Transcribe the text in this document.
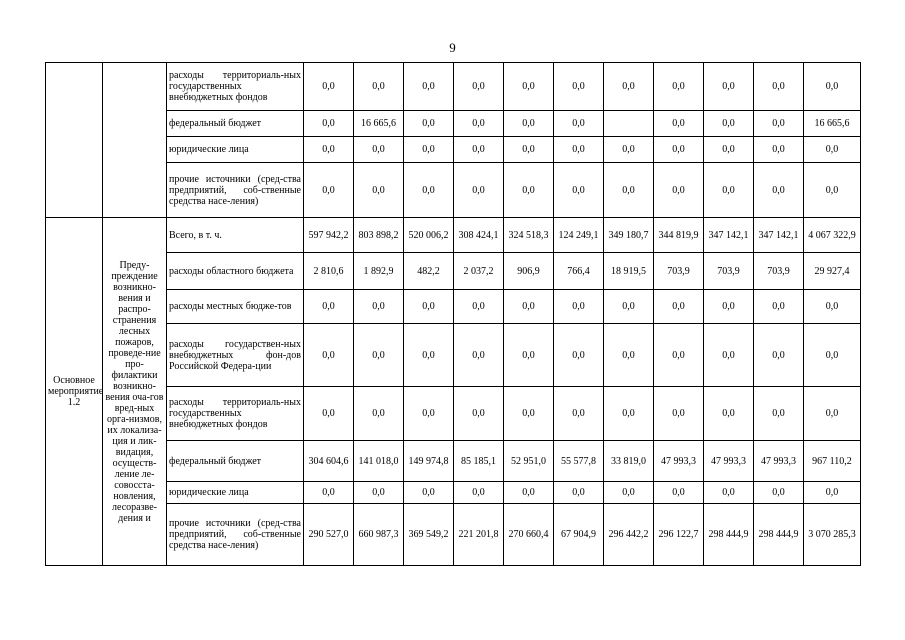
9
		расходы территориаль-ных государственных внебюджетных фондов	0,0	0,0	0,0	0,0	0,0	0,0	0,0	0,0	0,0	0,0	0,0
		федеральный бюджет	0,0	16 665,6	0,0	0,0	0,0	0,0		0,0	0,0	0,0	16 665,6
		юридические лица	0,0	0,0	0,0	0,0	0,0	0,0	0,0	0,0	0,0	0,0	0,0
		прочие источники (сред-ства предприятий, соб-ственные средства насе-ления)	0,0	0,0	0,0	0,0	0,0	0,0	0,0	0,0	0,0	0,0	0,0
Основное мероприятие 1.2	Преду-преждение возникно-вения и распро-странения лесных пожаров, проведе-ние про-филактики возникно-вения оча-гов вред-ных орга-низмов, их локализа-ция и лик-видация, осуществ-ление ле-совосста-новления, лесоразве-дения и	Всего, в т. ч.	597 942,2	803 898,2	520 006,2	308 424,1	324 518,3	124 249,1	349 180,7	344 819,9	347 142,1	347 142,1	4 067 322,9
		расходы областного бюджета	2 810,6	1 892,9	482,2	2 037,2	906,9	766,4	18 919,5	703,9	703,9	703,9	29 927,4
		расходы местных бюдже-тов	0,0	0,0	0,0	0,0	0,0	0,0	0,0	0,0	0,0	0,0	0,0
		расходы государствен-ных внебюджетных фон-дов Российской Федера-ции	0,0	0,0	0,0	0,0	0,0	0,0	0,0	0,0	0,0	0,0	0,0
		расходы территориаль-ных государственных внебюджетных фондов	0,0	0,0	0,0	0,0	0,0	0,0	0,0	0,0	0,0	0,0	0,0
		федеральный бюджет	304 604,6	141 018,0	149 974,8	85 185,1	52 951,0	55 577,8	33 819,0	47 993,3	47 993,3	47 993,3	967 110,2
		юридические лица	0,0	0,0	0,0	0,0	0,0	0,0	0,0	0,0	0,0	0,0	0,0
		прочие источники (сред-ства предприятий, соб-ственные средства насе-ления)	290 527,0	660 987,3	369 549,2	221 201,8	270 660,4	67 904,9	296 442,2	296 122,7	298 444,9	298 444,9	3 070 285,3
